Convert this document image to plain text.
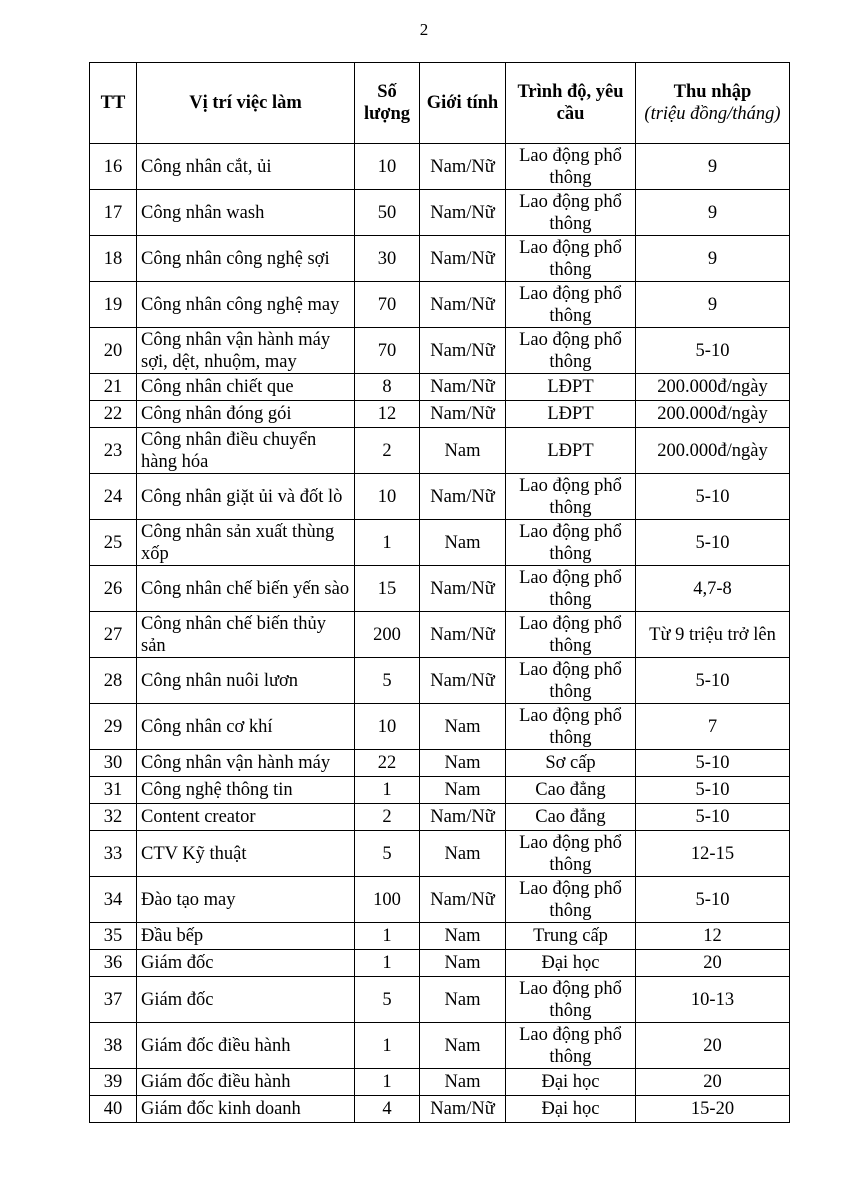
2
TT	Vị trí việc làm	Số lượng	Giới tính	Trình độ, yêu cầu	Thu nhập
(triệu đồng/tháng)

16	Công nhân cắt, ủi	10	Nam/Nữ	Lao động phổ thông	9
17	Công nhân wash	50	Nam/Nữ	Lao động phổ thông	9
18	Công nhân công nghệ sợi	30	Nam/Nữ	Lao động phổ thông	9
19	Công nhân công nghệ may	70	Nam/Nữ	Lao động phổ thông	9
20	Công nhân vận hành máy sợi, dệt, nhuộm, may	70	Nam/Nữ	Lao động phổ thông	5-10
21	Công nhân chiết que	8	Nam/Nữ	LĐPT	200.000đ/ngày
22	Công nhân đóng gói	12	Nam/Nữ	LĐPT	200.000đ/ngày
23	Công nhân điều chuyển hàng hóa	2	Nam	LĐPT	200.000đ/ngày
24	Công nhân giặt ủi và đốt lò	10	Nam/Nữ	Lao động phổ thông	5-10
25	Công nhân sản xuất thùng xốp	1	Nam	Lao động phổ thông	5-10
26	Công nhân chế biến yến sào	15	Nam/Nữ	Lao động phổ thông	4,7-8
27	Công nhân chế biến thủy sản	200	Nam/Nữ	Lao động phổ thông	Từ 9 triệu trở lên
28	Công nhân nuôi lươn	5	Nam/Nữ	Lao động phổ thông	5-10
29	Công nhân cơ khí	10	Nam	Lao động phổ thông	7
30	Công nhân vận hành máy	22	Nam	Sơ cấp	5-10
31	Công nghệ thông tin	1	Nam	Cao đẳng	5-10
32	Content creator	2	Nam/Nữ	Cao đẳng	5-10
33	CTV Kỹ thuật	5	Nam	Lao động phổ thông	12-15
34	Đào tạo may	100	Nam/Nữ	Lao động phổ thông	5-10
35	Đầu bếp	1	Nam	Trung cấp	12
36	Giám đốc	1	Nam	Đại học	20
37	Giám đốc	5	Nam	Lao động phổ thông	10-13
38	Giám đốc điều hành	1	Nam	Lao động phổ thông	20
39	Giám đốc điều hành	1	Nam	Đại học	20
40	Giám đốc kinh doanh	4	Nam/Nữ	Đại học	15-20
